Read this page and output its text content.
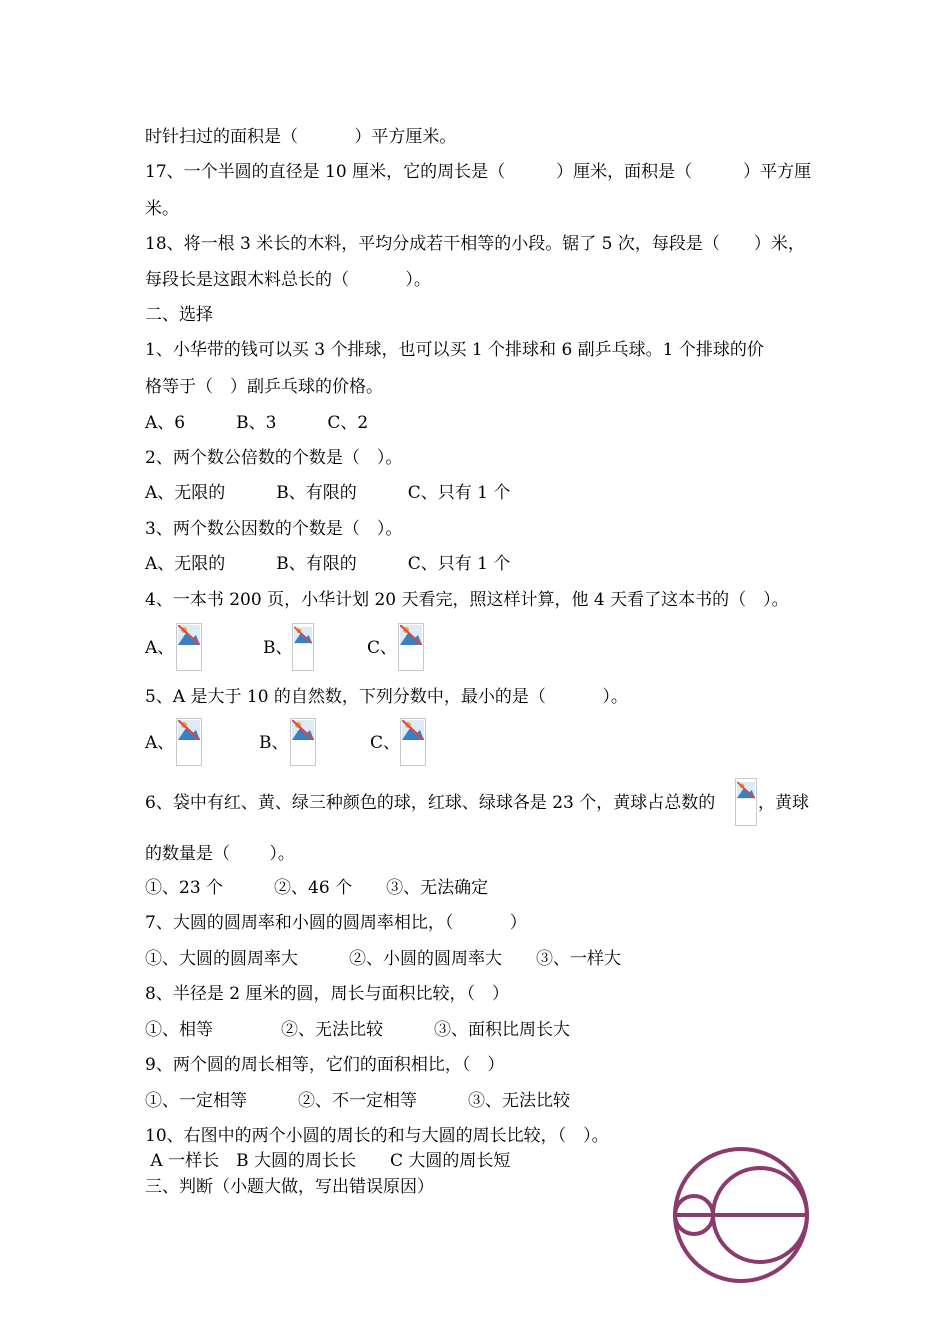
时针扫过的面积是（　　　 ）平方厘米。
17、一个半圆的直径是 10 厘米，它的周长是（　　　）厘米，面积是（　　　）平方厘
米。
18、将一根 3 米长的木料，平均分成若干相等的小段。锯了 5 次，每段是（　　）米，
每段长是这跟木料总长的（　　　 ）。
二、选择
1、小华带的钱可以买 3 个排球，也可以买 1 个排球和 6 副乒乓球。1 个排球的价
格等于（　）副乒乓球的价格。
A、6　　　B、3　　　C、2
2、两个数公倍数的个数是（　）。
A、无限的　　　B、有限的　　　C、只有 1 个
3、两个数公因数的个数是（　）。
A、无限的　　　B、有限的　　　C、只有 1 个
4、一本书 200 页，小华计划 20 天看完，照这样计算，他 4 天看了这本书的（　）。
A、	B、	C、
5、A 是大于 10 的自然数，下列分数中，最小的是（　　　 ）。
A、	B、	C、
6、袋中有红、黄、绿三种颜色的球，红球、绿球各是 23 个，黄球占总数的	，黄球
的数量是（　　 ）。
①、23 个　　　②、46 个　　③、无法确定
7、大圆的圆周率和小圆的圆周率相比，（　　　 ）
①、大圆的圆周率大　　　②、小圆的圆周率大　　③、一样大
8、半径是 2 厘米的圆，周长与面积比较，（　）
①、相等　　　　②、无法比较　　　③、面积比周长大
9、两个圆的周长相等，它们的面积相比，（　）
①、一定相等　　　②、不一定相等　　　③、无法比较
10、右图中的两个小圆的周长的和与大圆的周长比较，（　）。
A 一样长　B 大圆的周长长　　C 大圆的周长短
三、判断（小题大做，写出错误原因）
